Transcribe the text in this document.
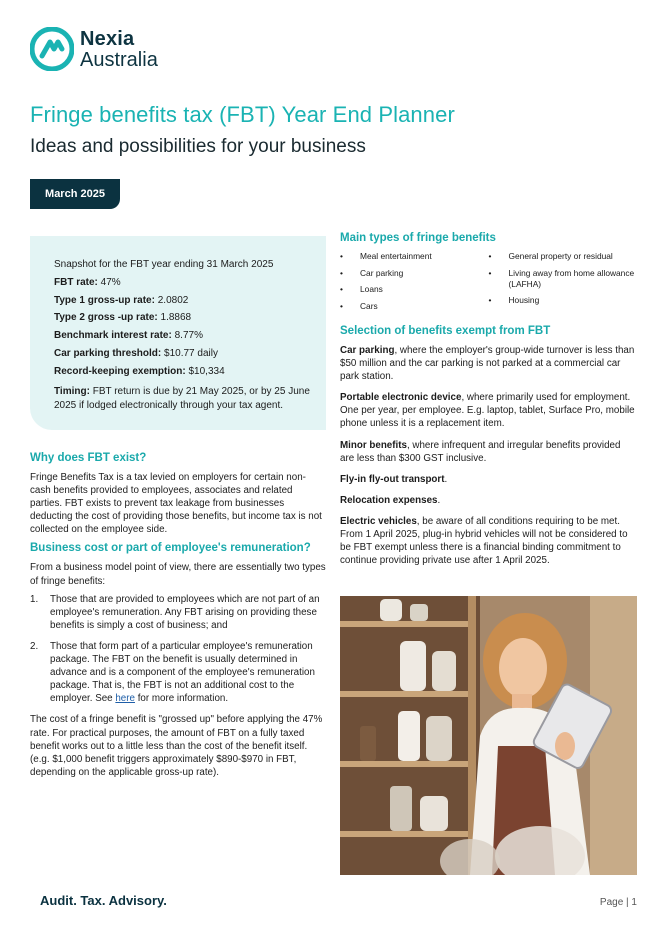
Nexia
Australia
Fringe benefits tax (FBT) Year End Planner
Ideas and possibilities for your business
March 2025
Snapshot for the FBT year ending 31 March 2025
FBT rate: 47%
Type 1 gross-up rate: 2.0802
Type 2 gross -up rate: 1.8868
Benchmark interest rate: 8.77%
Car parking threshold: $10.77 daily
Record-keeping exemption: $10,334
Timing: FBT return is due by 21 May 2025, or by 25 June 2025 if lodged electronically through your tax agent.
Why does FBT exist?

Fringe Benefits Tax is a tax levied on employers for certain non-cash benefits provided to employees, associates and related parties. FBT exists to prevent tax leakage from businesses deducting the cost of providing those benefits, but income tax is not collected on the employee side.

Business cost or part of employee's remuneration?

From a business model point of view, there are essentially two types of fringe benefits:

1.	Those that are provided to employees which are not part of an employee's remuneration. Any FBT arising on providing these benefits is simply a cost of business; and
2.	Those that form part of a particular employee's remuneration package. The FBT on the benefit is usually determined in advance and is a component of the employee's remuneration package. That is, the FBT is not an additional cost to the employer. See here for more information.

The cost of a fringe benefit is "grossed up" before applying the 47% rate. For practical purposes, the amount of FBT on a fully taxed benefit works out to a little less than the cost of the benefit itself. (e.g. $1,000 benefit triggers approximately $890-$970 in FBT, depending on the applicable gross-up rate).

Main types of fringe benefits
•	Meal entertainment
•	Car parking
•	Loans
•	Cars
•	General property or residual
•	Living away from home allowance (LAFHA)
•	Housing
Selection of benefits exempt from FBT

Car parking, where the employer's group-wide turnover is less than $50 million and the car parking is not parked at a commercial car park station.

Portable electronic device, where primarily used for employment. One per year, per employee. E.g. laptop, tablet, Surface Pro, mobile phone unless it is a replacement item.

Minor benefits, where infrequent and irregular benefits provided are less than $300 GST inclusive.

Fly-in fly-out transport.

Relocation expenses.

Electric vehicles, be aware of all conditions requiring to be met. From 1 April 2025, plug-in hybrid vehicles will not be considered to be FBT exempt unless there is a financial binding commitment to continue providing private use after 1 April 2025.

Audit. Tax. Advisory.	Page | 1
